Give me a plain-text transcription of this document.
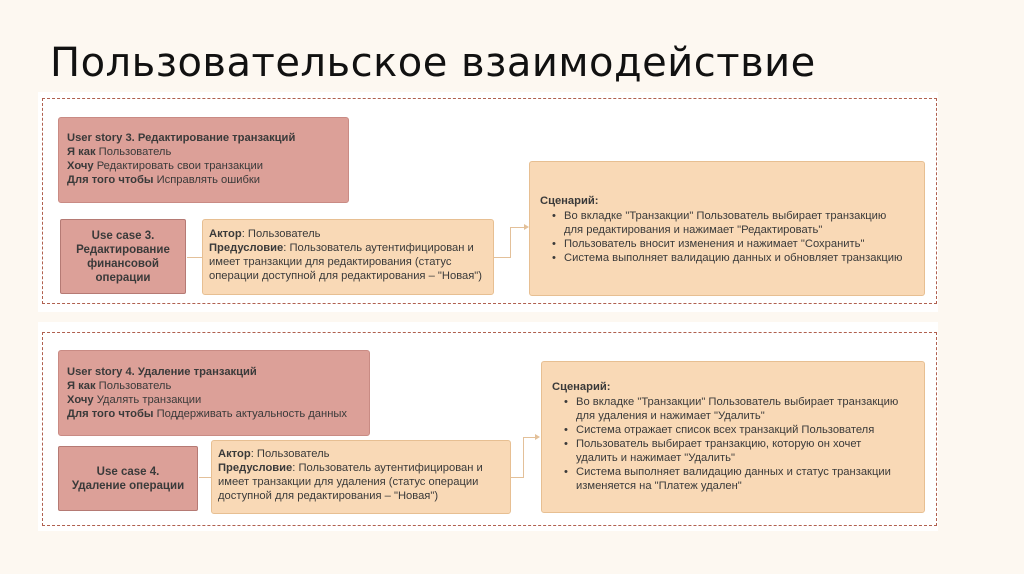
Пользовательское взаимодействие
User story 3. Редактирование транзакций
Я как Пользователь
Хочу Редактировать свои транзакции
Для того чтобы Исправлять ошибки
Use case 3.
Редактирование
финансовой
операции
Актор: Пользователь
Предусловие: Пользователь аутентифицирован и
имеет транзакции для редактирования (статус
операции доступной для редактирования – "Новая")
Сценарий:
• Во вкладке "Транзакции" Пользователь выбирает транзакцию
для редактирования и нажимает "Редактировать"
• Пользователь вносит изменения и нажимает "Сохранить"
• Система выполняет валидацию данных и обновляет транзакцию
User story 4. Удаление транзакций
Я как Пользователь
Хочу Удалять транзакции
Для того чтобы Поддерживать актуальность данных
Use case 4.
Удаление операции
Актор: Пользователь
Предусловие: Пользователь аутентифицирован и
имеет транзакции для удаления (статус операции
доступной для редактирования – "Новая")
Сценарий:
• Во вкладке "Транзакции" Пользователь выбирает транзакцию
для удаления и нажимает "Удалить"
• Система отражает список всех транзакций Пользователя
• Пользователь выбирает транзакцию, которую он хочет
удалить и нажимает "Удалить"
• Система выполняет валидацию данных и статус транзакции
изменяется на "Платеж удален"
